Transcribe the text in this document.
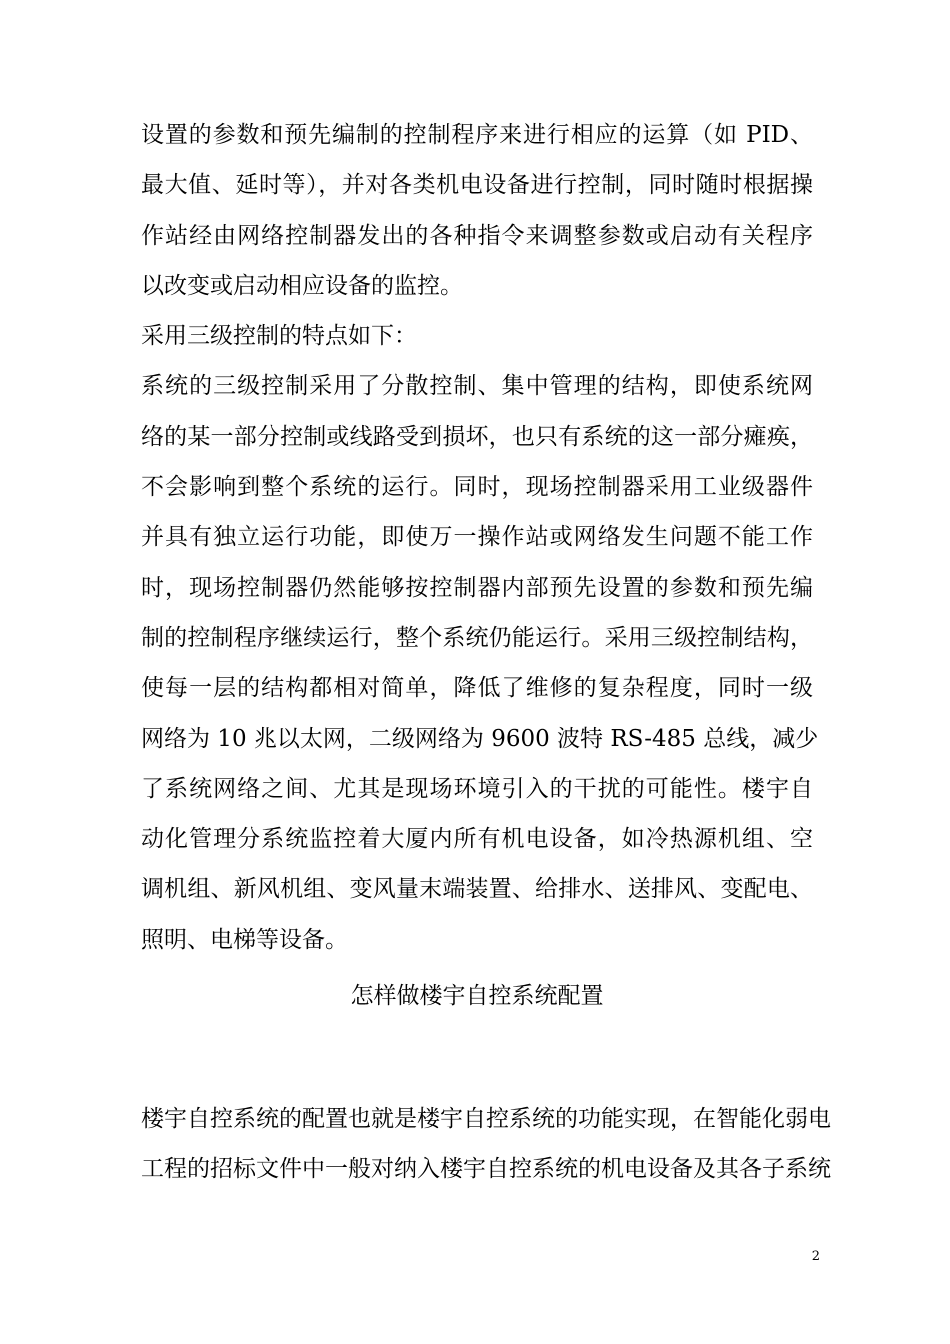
设置的参数和预先编制的控制程序来进行相应的运算（如 PID、
最大值、延时等），并对各类机电设备进行控制，同时随时根据操
作站经由网络控制器发出的各种指令来调整参数或启动有关程序
以改变或启动相应设备的监控。
采用三级控制的特点如下：
系统的三级控制采用了分散控制、集中管理的结构，即使系统网
络的某一部分控制或线路受到损坏，也只有系统的这一部分瘫痪，
不会影响到整个系统的运行。同时，现场控制器采用工业级器件
并具有独立运行功能，即使万一操作站或网络发生问题不能工作
时，现场控制器仍然能够按控制器内部预先设置的参数和预先编
制的控制程序继续运行，整个系统仍能运行。采用三级控制结构，
使每一层的结构都相对简单，降低了维修的复杂程度，同时一级
网络为 10 兆以太网，二级网络为 9600 波特 RS-485 总线，减少
了系统网络之间、尤其是现场环境引入的干扰的可能性。楼宇自
动化管理分系统监控着大厦内所有机电设备，如冷热源机组、空
调机组、新风机组、变风量末端装置、给排水、送排风、变配电、
照明、电梯等设备。
怎样做楼宇自控系统配置
楼宇自控系统的配置也就是楼宇自控系统的功能实现，在智能化弱电
工程的招标文件中一般对纳入楼宇自控系统的机电设备及其各子系统
2
